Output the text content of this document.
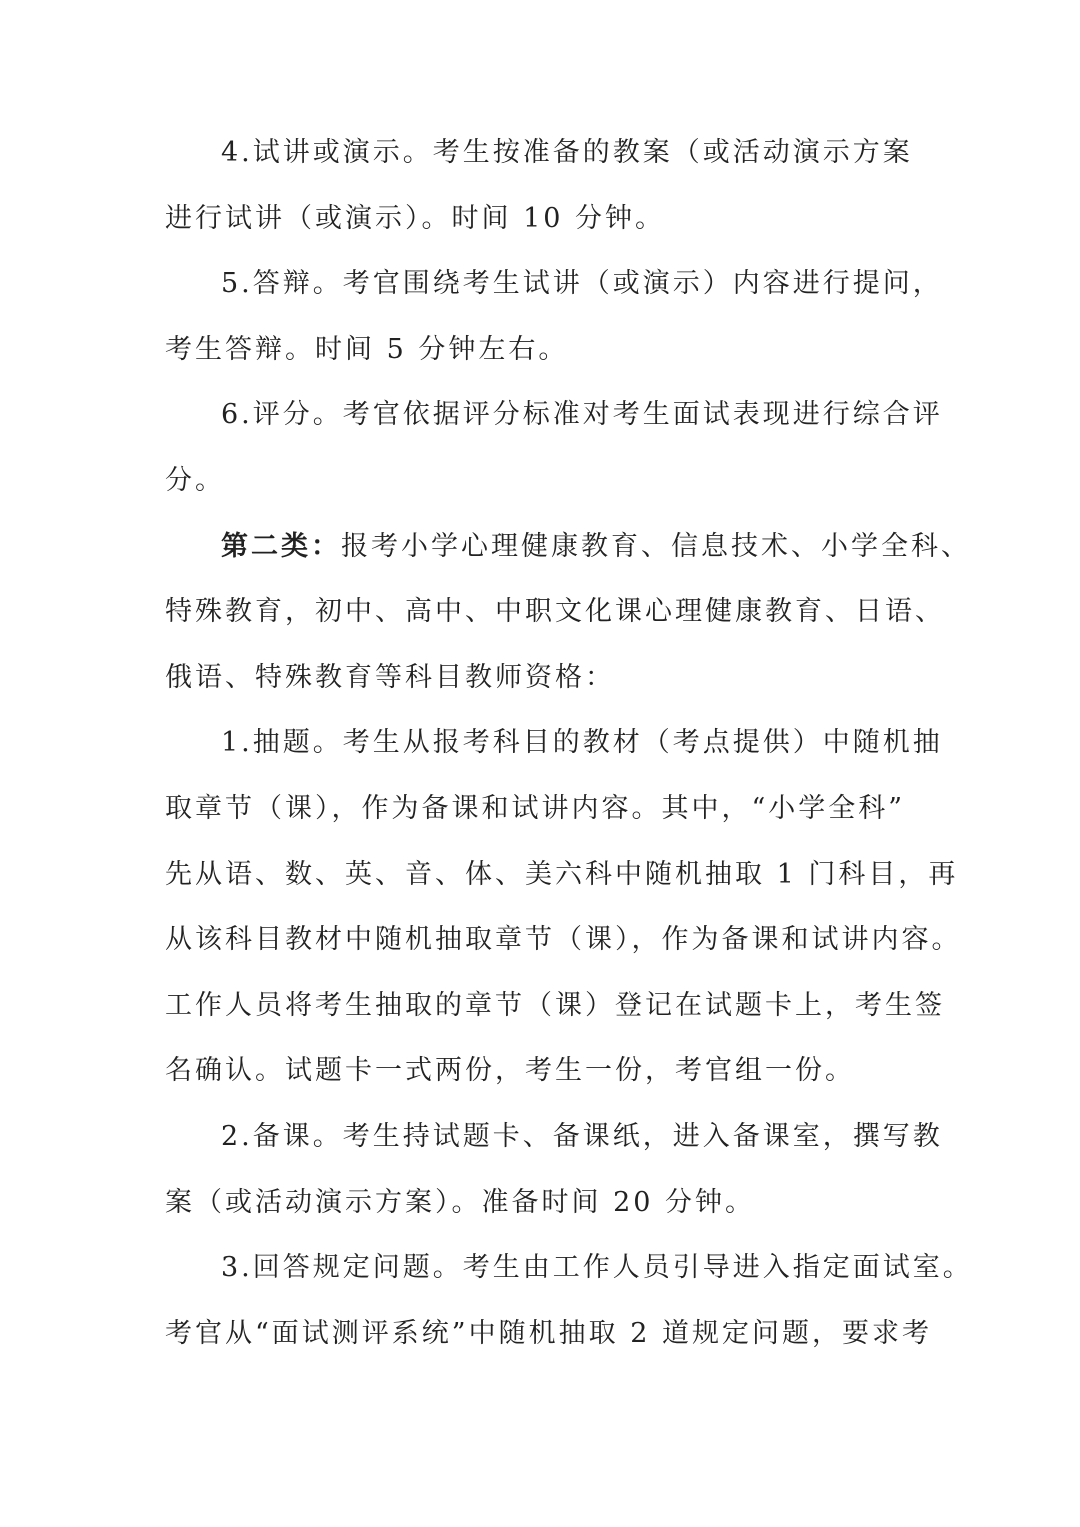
4.试讲或演示。考生按准备的教案（或活动演示方案
进行试讲（或演示）。时间 10 分钟。
5.答辩。考官围绕考生试讲（或演示）内容进行提问，
考生答辩。时间 5 分钟左右。
6.评分。考官依据评分标准对考生面试表现进行综合评
分。
第二类：报考小学心理健康教育、信息技术、小学全科、
特殊教育，初中、高中、中职文化课心理健康教育、日语、
俄语、特殊教育等科目教师资格：
1.抽题。考生从报考科目的教材（考点提供）中随机抽
取章节（课），作为备课和试讲内容。其中，“小学全科”
先从语、数、英、音、体、美六科中随机抽取 1 门科目，再
从该科目教材中随机抽取章节（课），作为备课和试讲内容。
工作人员将考生抽取的章节（课）登记在试题卡上，考生签
名确认。试题卡一式两份，考生一份，考官组一份。
2.备课。考生持试题卡、备课纸，进入备课室，撰写教
案（或活动演示方案）。准备时间 20 分钟。
3.回答规定问题。考生由工作人员引导进入指定面试室。
考官从“面试测评系统”中随机抽取 2 道规定问题，要求考
